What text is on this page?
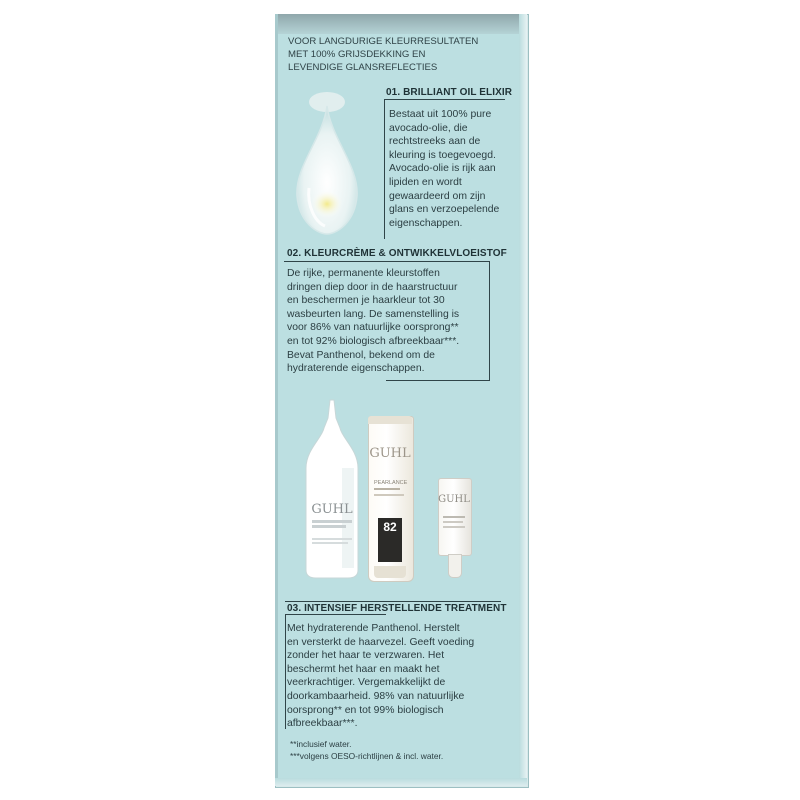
VOOR LANGDURIGE KLEURRESULTATEN
MET 100% GRIJSDEKKING EN
LEVENDIGE GLANSREFLECTIES
01. BRILLIANT OIL ELIXIR
Bestaat uit 100% pure
avocado-olie, die
rechtstreeks aan de
kleuring is toegevoegd.
Avocado-olie is rijk aan
lipiden en wordt
gewaardeerd om zijn
glans en verzoepelende
eigenschappen.
02. KLEURCRÈME & ONTWIKKELVLOEISTOF
De rijke, permanente kleurstoffen
dringen diep door in de haarstructuur
en beschermen je haarkleur tot 30
wasbeurten lang. De samenstelling is
voor 86% van natuurlijke oorsprong**
en tot 92% biologisch afbreekbaar***.
Bevat Panthenol, bekend om de
hydraterende eigenschappen.
GUHL
GUHL
PEARLANCE
82
GUHL
03. INTENSIEF HERSTELLENDE TREATMENT
Met hydraterende Panthenol. Herstelt
en versterkt de haarvezel. Geeft voeding
zonder het haar te verzwaren. Het
beschermt het haar en maakt het
veerkrachtiger. Vergemakkelijkt de
doorkambaarheid. 98% van natuurlijke
oorsprong** en tot 99% biologisch
afbreekbaar***.
**inclusief water.
***volgens OESO-richtlijnen & incl. water.
